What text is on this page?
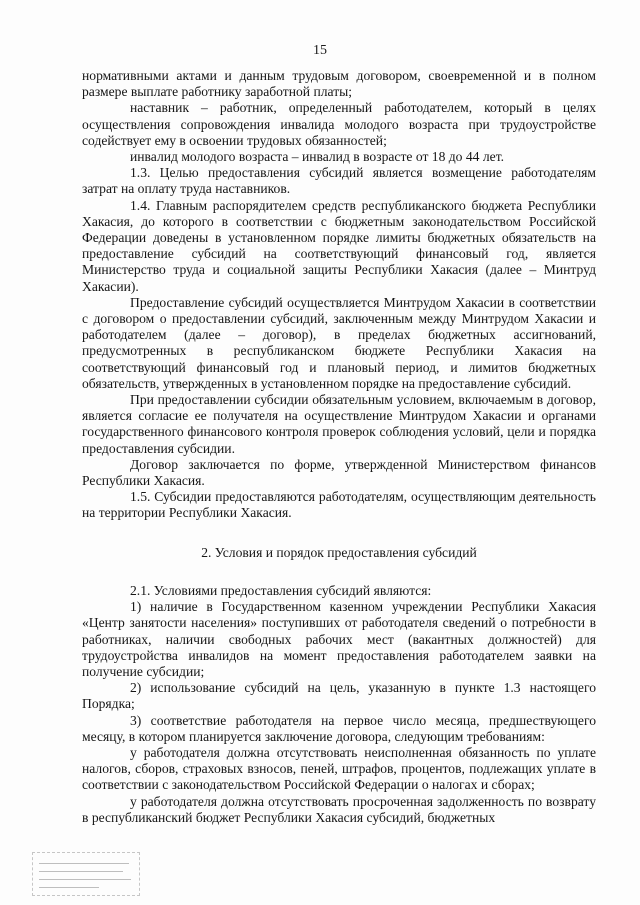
15

нормативными актами и данным трудовым договором, своевременной и в полном размере выплате работнику заработной платы;

наставник – работник, определенный работодателем, который в целях осуществления сопровождения инвалида молодого возраста при трудоустройстве содействует ему в освоении трудовых обязанностей;

инвалид молодого возраста – инвалид в возрасте от 18 до 44 лет.

1.3. Целью предоставления субсидий является возмещение работодателям затрат на оплату труда наставников.

1.4. Главным распорядителем средств республиканского бюджета Республики Хакасия, до которого в соответствии с бюджетным законодательством Российской Федерации доведены в установленном порядке лимиты бюджетных обязательств на предоставление субсидий на соответствующий финансовый год, является Министерство труда и социальной защиты Республики Хакасия (далее – Минтруд Хакасии).

Предоставление субсидий осуществляется Минтрудом Хакасии в соответствии с договором о предоставлении субсидий, заключенным между Минтрудом Хакасии и работодателем (далее – договор), в пределах бюджетных ассигнований, предусмотренных в республиканском бюджете Республики Хакасия на соответствующий финансовый год и плановый период, и лимитов бюджетных обязательств, утвержденных в установленном порядке на предоставление субсидий.

При предоставлении субсидии обязательным условием, включаемым в договор, является согласие ее получателя на осуществление Минтрудом Хакасии и органами государственного финансового контроля проверок соблюдения условий, цели и порядка предоставления субсидии.

Договор заключается по форме, утвержденной Министерством финансов Республики Хакасия.

1.5. Субсидии предоставляются работодателям, осуществляющим деятельность на территории Республики Хакасия.

2. Условия и порядок предоставления субсидий

2.1. Условиями предоставления субсидий являются:

1) наличие в Государственном казенном учреждении Республики Хакасия «Центр занятости населения» поступивших от работодателя сведений о потребности в работниках, наличии свободных рабочих мест (вакантных должностей) для трудоустройства инвалидов на момент предоставления работодателем заявки на получение субсидии;

2) использование субсидий на цель, указанную в пункте 1.3 настоящего Порядка;

3) соответствие работодателя на первое число месяца, предшествующего месяцу, в котором планируется заключение договора, следующим требованиям:

у работодателя должна отсутствовать неисполненная обязанность по уплате налогов, сборов, страховых взносов, пеней, штрафов, процентов, подлежащих уплате в соответствии с законодательством Российской Федерации о налогах и сборах;

у работодателя должна отсутствовать просроченная задолженность по возврату в республиканский бюджет Республики Хакасия субсидий, бюджетных
